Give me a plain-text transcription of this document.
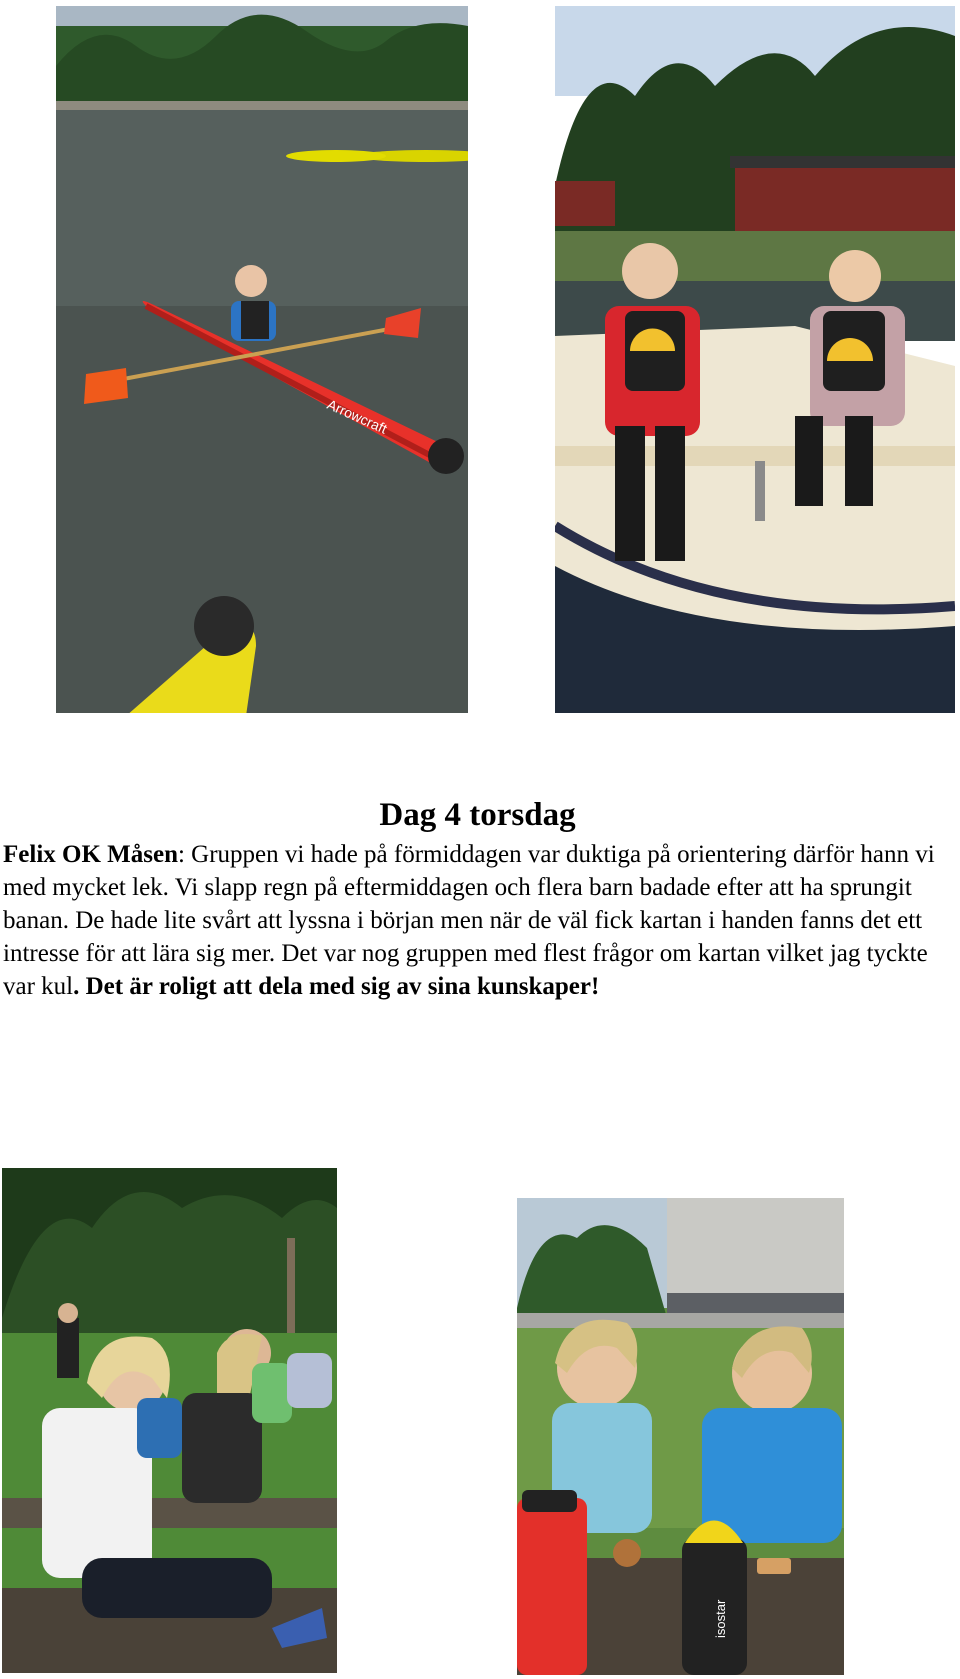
Arrowcraft
Dag 4 torsdag

Felix OK Måsen: Gruppen vi hade på förmiddagen var duktiga på orientering därför hann vi med mycket lek. Vi slapp regn på eftermiddagen och flera barn badade efter att ha sprungit banan. De hade lite svårt att lyssna i början men när de väl fick kartan i handen fanns det ett intresse för att lära sig mer. Det var nog gruppen med flest frågor om kartan vilket jag tyckte var kul. Det är roligt att dela med sig av sina kunskaper!

isostar
